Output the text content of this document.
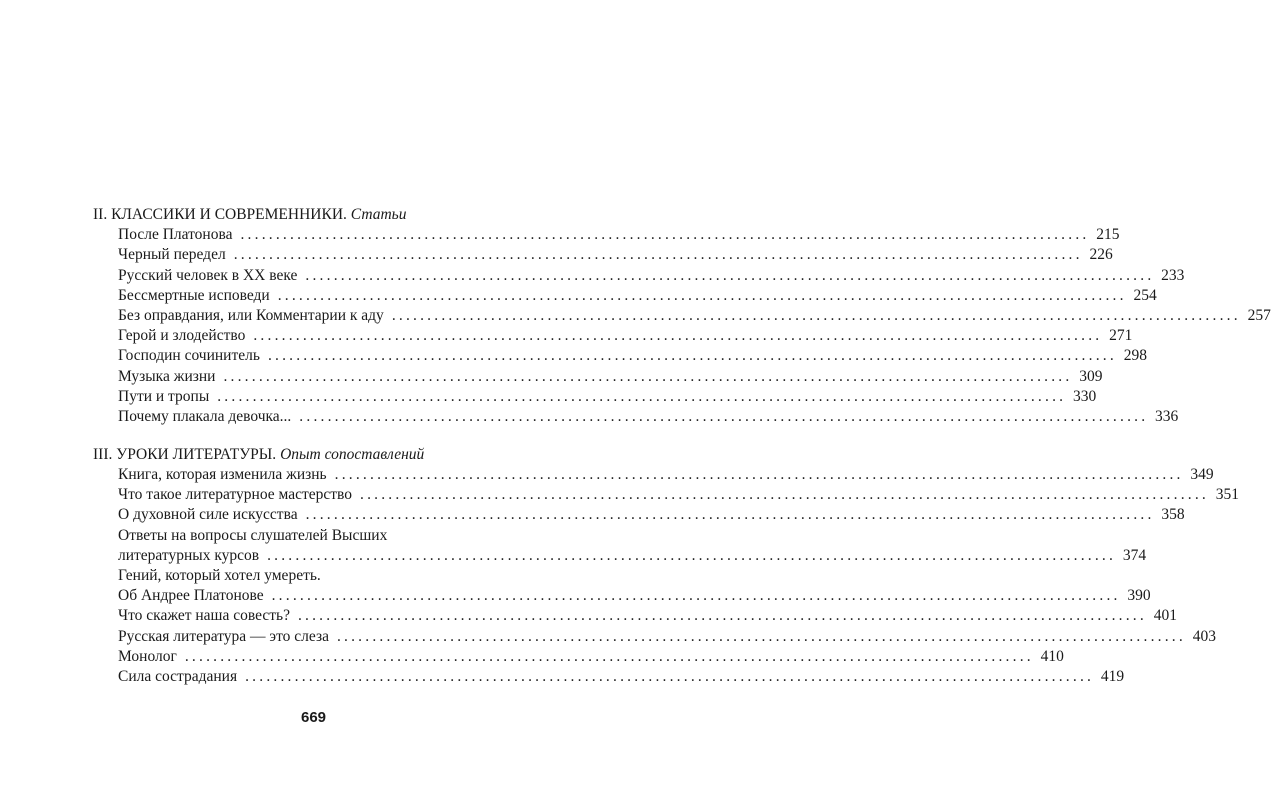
II. КЛАССИКИ И СОВРЕМЕННИКИ. Статьи
После Платонова ........................................................................................................................ 215
Черный передел ........................................................................................................................ 226
Русский человек в XX веке ........................................................................................................................ 233
Бессмертные исповеди ........................................................................................................................ 254
Без оправдания, или Комментарии к аду ........................................................................................................................ 257
Герой и злодейство ........................................................................................................................ 271
Господин сочинитель ........................................................................................................................ 298
Музыка жизни ........................................................................................................................ 309
Пути и тропы ........................................................................................................................ 330
Почему плакала девочка... ........................................................................................................................ 336
III. УРОКИ ЛИТЕРАТУРЫ. Опыт сопоставлений
Книга, которая изменила жизнь ........................................................................................................................ 349
Что такое литературное мастерство ........................................................................................................................ 351
О духовной силе искусства ........................................................................................................................ 358
Ответы на вопросы слушателей Высших
литературных курсов ........................................................................................................................ 374
Гений, который хотел умереть.
Об Андрее Платонове ........................................................................................................................ 390
Что скажет наша совесть? ........................................................................................................................ 401
Русская литература — это слеза ........................................................................................................................ 403
Монолог ........................................................................................................................ 410
Сила сострадания ........................................................................................................................ 419
669
